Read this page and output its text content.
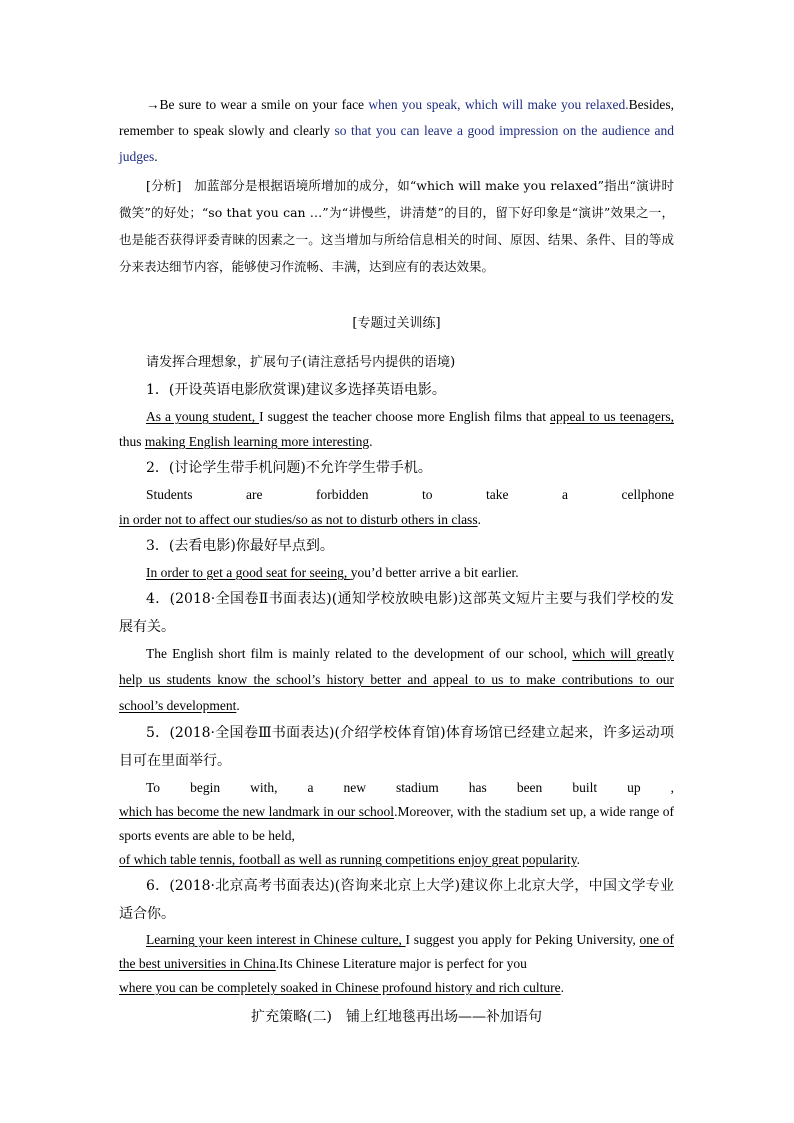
→Be sure to wear a smile on your face when you speak, which will make you relaxed.Besides, remember to speak slowly and clearly so that you can leave a good impression on the audience and judges.

[分析]　加蓝部分是根据语境所增加的成分，如“which will make you relaxed”指出“演讲时微笑”的好处；“so that you can …”为“讲慢些，讲清楚”的目的，留下好印象是“演讲”效果之一，也是能否获得评委青睐的因素之一。这当增加与所给信息相关的时间、原因、结果、条件、目的等成分来表达细节内容，能够使习作流畅、丰满，达到应有的表达效果。

[专题过关训练]

请发挥合理想象，扩展句子(请注意括号内提供的语境)

1．(开设英语电影欣赏课)建议多选择英语电影。

As a young student, I suggest the teacher choose more English films that appeal to us teenagers, thus making English learning more interesting.

2．(讨论学生带手机问题)不允许学生带手机。

Students are forbidden to take a cellphone

in order not to affect our studies/so as not to disturb others in class.

3．(去看电影)你最好早点到。

In order to get a good seat for seeing, you’d better arrive a bit earlier.

4．(2018·全国卷Ⅱ书面表达)(通知学校放映电影)这部英文短片主要与我们学校的发展有关。

The English short film is mainly related to the development of our school, which will greatly help us students know the school’s history better and appeal to us to make contributions to our school’s development.

5．(2018·全国卷Ⅲ书面表达)(介绍学校体育馆)体育场馆已经建立起来，许多运动项目可在里面举行。

To begin with, a new stadium has been built up ,

which has become the new landmark in our school.Moreover, with the stadium set up, a wide range of sports events are able to be held,
of which table tennis, football as well as running competitions enjoy great popularity.

6．(2018·北京高考书面表达)(咨询来北京上大学)建议你上北京大学，中国文学专业适合你。

Learning your keen interest in Chinese culture, I suggest you apply for Peking University, one of the best universities in China.Its Chinese Literature major is perfect for you
where you can be completely soaked in Chinese profound history and rich culture.

扩充策略(二)　铺上红地毯再出场——补加语句
